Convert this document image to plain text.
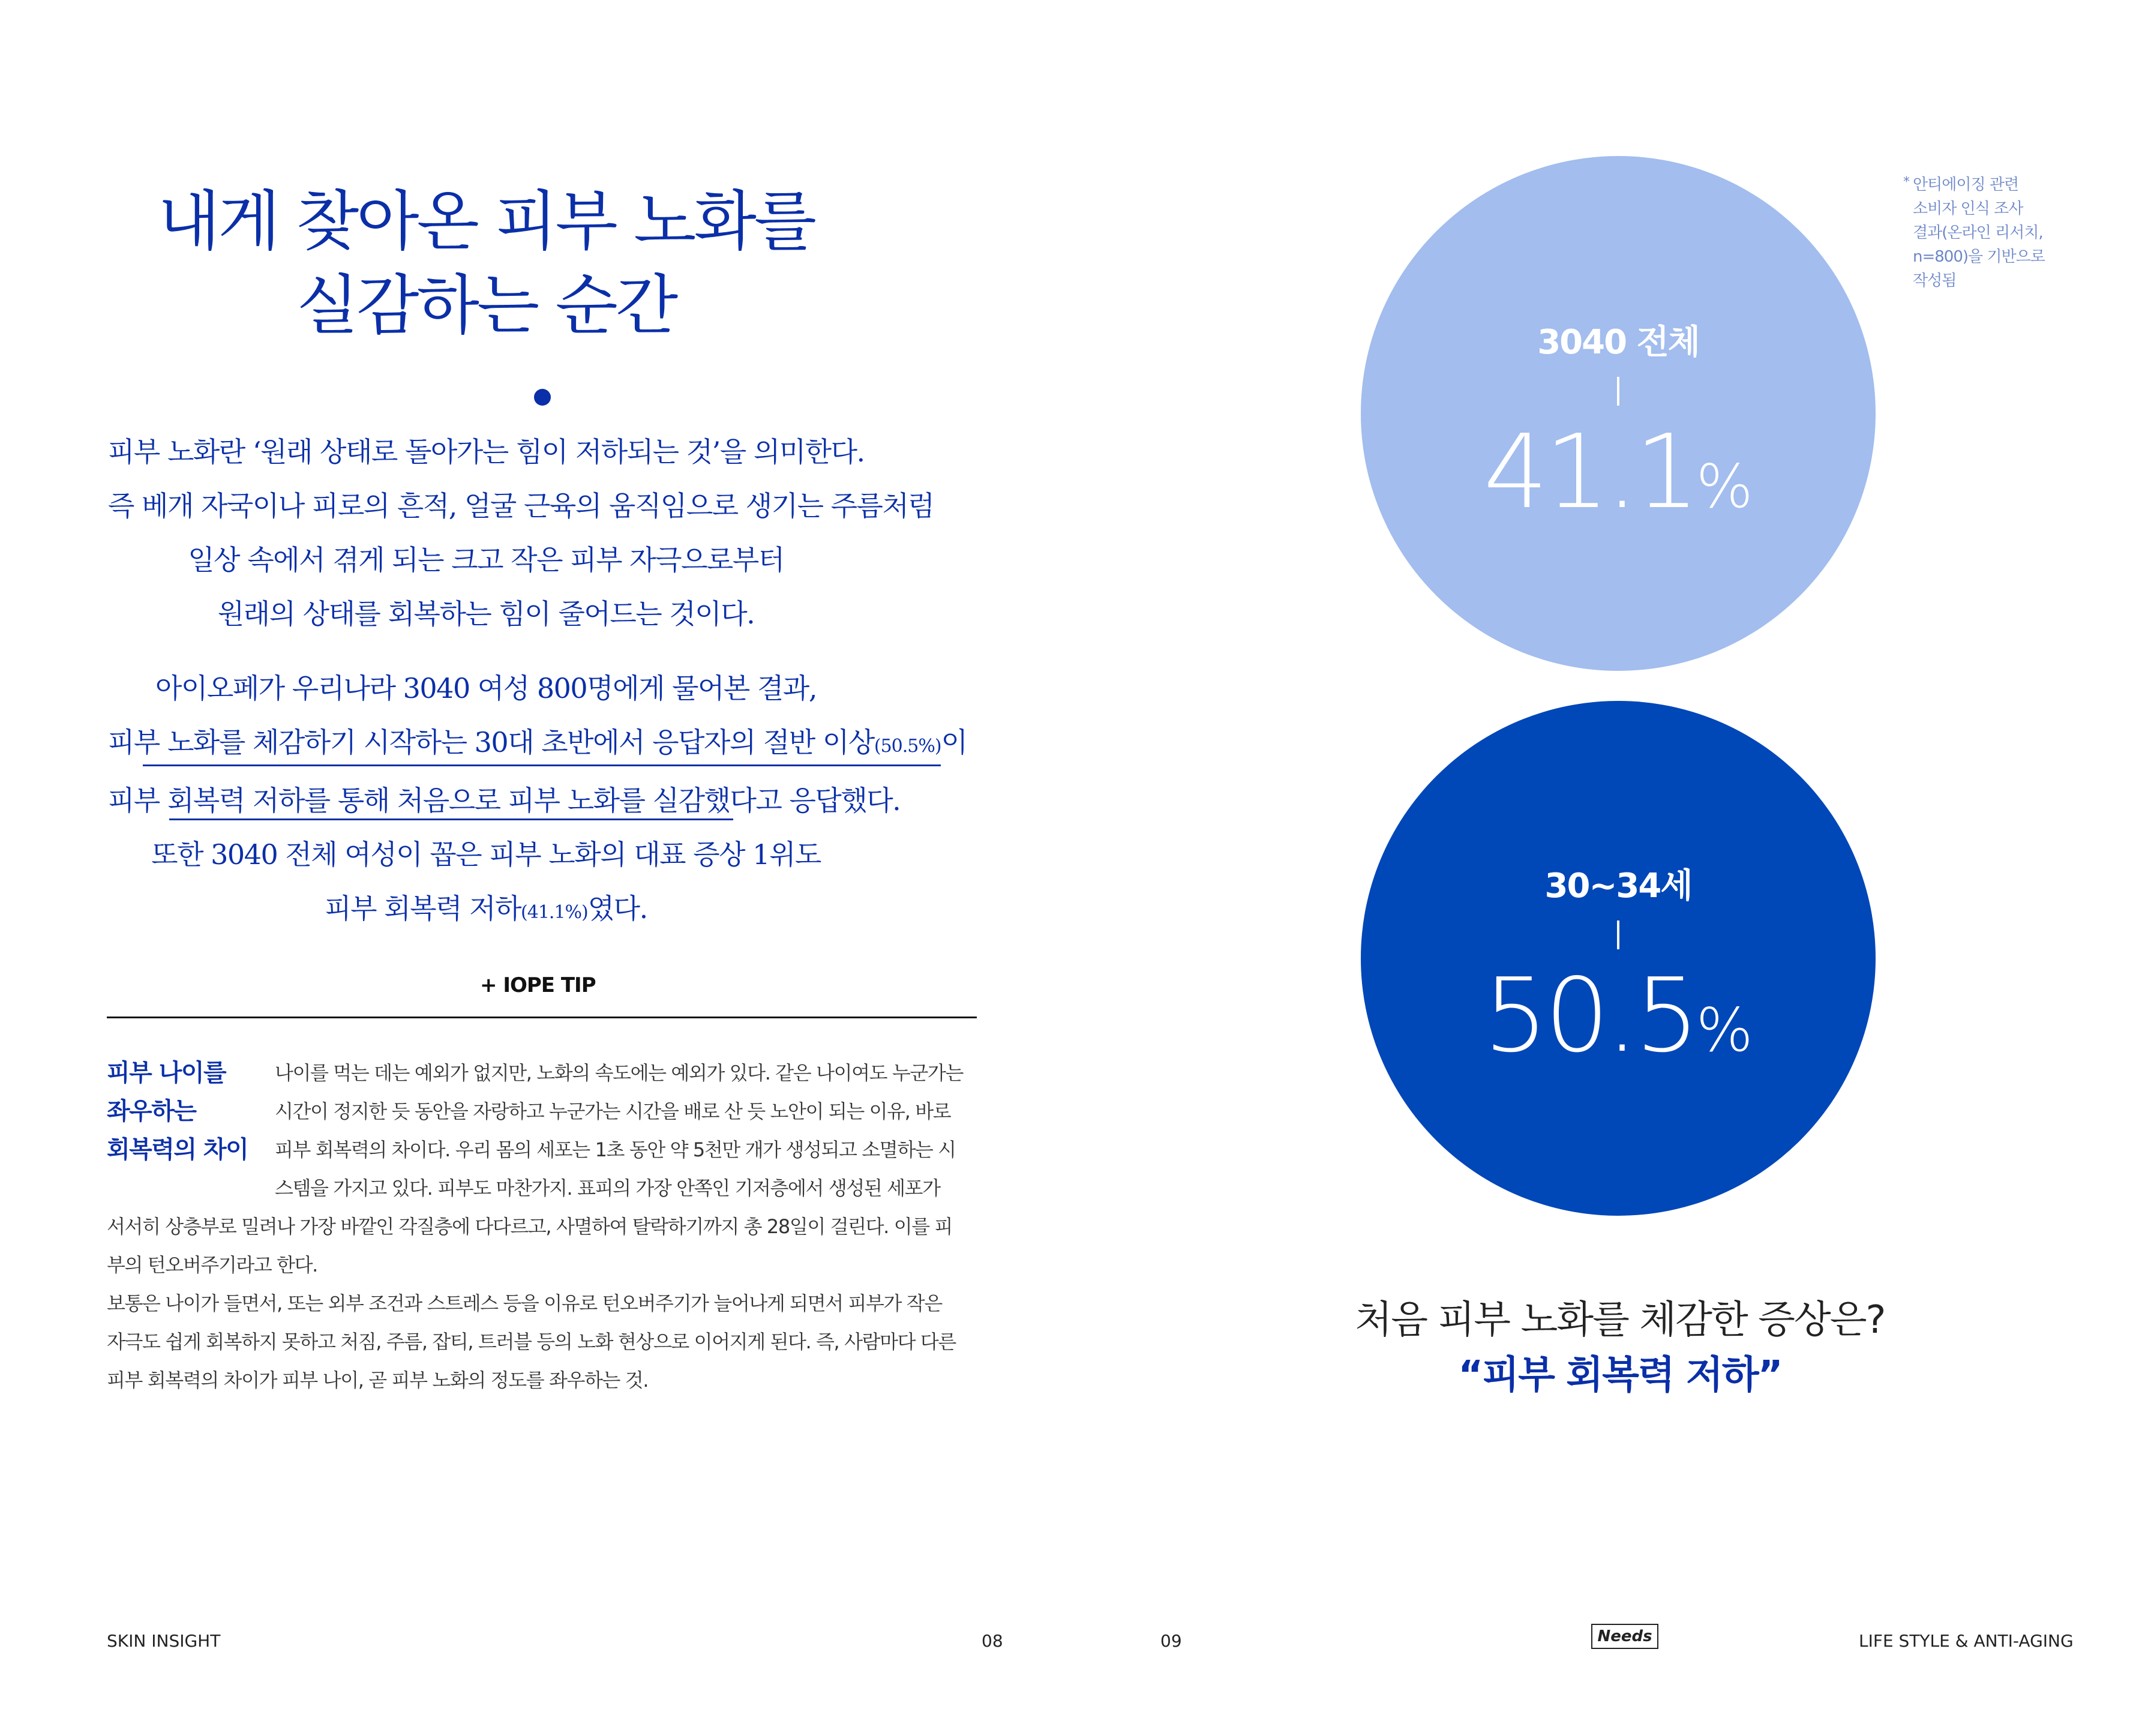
내게 찾아온 피부 노화를
실감하는 순간
피부 노화란 ‘원래 상태로 돌아가는 힘이 저하되는 것’을 의미한다.
즉 베개 자국이나 피로의 흔적, 얼굴 근육의 움직임으로 생기는 주름처럼
일상 속에서 겪게 되는 크고 작은 피부 자극으로부터
원래의 상태를 회복하는 힘이 줄어드는 것이다.
아이오페가 우리나라 3040 여성 800명에게 물어본 결과,
피부 노화를 체감하기 시작하는 30대 초반에서 응답자의 절반 이상(50.5%)이
피부 회복력 저하를 통해 처음으로 피부 노화를 실감했다고 응답했다.
또한 3040 전체 여성이 꼽은 피부 노화의 대표 증상 1위도
피부 회복력 저하(41.1%)였다.
+ IOPE TIP
피부 나이를
좌우하는
회복력의 차이
나이를 먹는 데는 예외가 없지만, 노화의 속도에는 예외가 있다. 같은 나이여도 누군가는
시간이 정지한 듯 동안을 자랑하고 누군가는 시간을 배로 산 듯 노안이 되는 이유, 바로
피부 회복력의 차이다. 우리 몸의 세포는 1초 동안 약 5천만 개가 생성되고 소멸하는 시
스템을 가지고 있다. 피부도 마찬가지. 표피의 가장 안쪽인 기저층에서 생성된 세포가
서서히 상층부로 밀려나 가장 바깥인 각질층에 다다르고, 사멸하여 탈락하기까지 총 28일이 걸린다. 이를 피
부의 턴오버주기라고 한다.
보통은 나이가 들면서, 또는 외부 조건과 스트레스 등을 이유로 턴오버주기가 늘어나게 되면서 피부가 작은
자극도 쉽게 회복하지 못하고 처짐, 주름, 잡티, 트러블 등의 노화 현상으로 이어지게 된다. 즉, 사람마다 다른
피부 회복력의 차이가 피부 나이, 곧 피부 노화의 정도를 좌우하는 것.
SKIN INSIGHT	08
* 안티에이징 관련
소비자 인식 조사
결과(온라인 리서치,
n=800)을 기반으로
작성됨
3040 전체
41.1%
30~34세
50.5%
처음 피부 노화를 체감한 증상은?
“피부 회복력 저하”
09	Needs	LIFE STYLE & ANTI-AGING
